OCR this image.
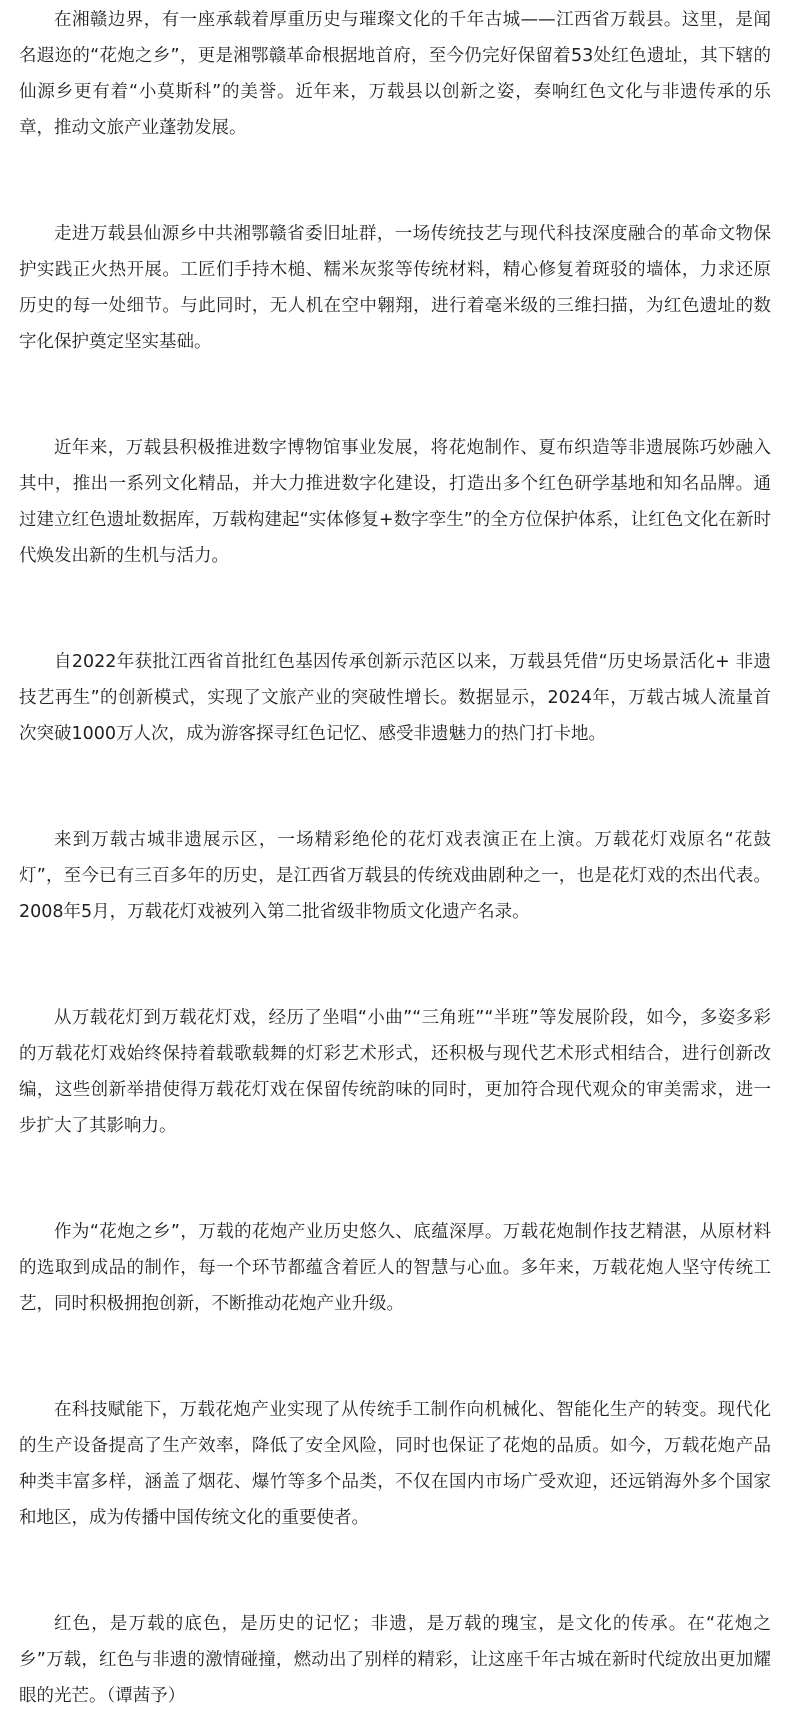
在湘赣边界，有一座承载着厚重历史与璀璨文化的千年古城——江西省万载县。这里，是闻名遐迩的“花炮之乡”，更是湘鄂赣革命根据地首府，至今仍完好保留着53处红色遗址，其下辖的仙源乡更有着“小莫斯科”的美誉。近年来，万载县以创新之姿，奏响红色文化与非遗传承的乐章，推动文旅产业蓬勃发展。

走进万载县仙源乡中共湘鄂赣省委旧址群，一场传统技艺与现代科技深度融合的革命文物保护实践正火热开展。工匠们手持木槌、糯米灰浆等传统材料，精心修复着斑驳的墙体，力求还原历史的每一处细节。与此同时，无人机在空中翱翔，进行着毫米级的三维扫描，为红色遗址的数字化保护奠定坚实基础。

近年来，万载县积极推进数字博物馆事业发展，将花炮制作、夏布织造等非遗展陈巧妙融入其中，推出一系列文化精品，并大力推进数字化建设，打造出多个红色研学基地和知名品牌。通过建立红色遗址数据库，万载构建起“实体修复+数字孪生”的全方位保护体系，让红色文化在新时代焕发出新的生机与活力。

自2022年获批江西省首批红色基因传承创新示范区以来，万载县凭借“历史场景活化+ 非遗技艺再生”的创新模式，实现了文旅产业的突破性增长。数据显示，2024年，万载古城人流量首次突破1000万人次，成为游客探寻红色记忆、感受非遗魅力的热门打卡地。

来到万载古城非遗展示区，一场精彩绝伦的花灯戏表演正在上演。万载花灯戏原名“花鼓灯”，至今已有三百多年的历史，是江西省万载县的传统戏曲剧种之一，也是花灯戏的杰出代表。2008年5月，万载花灯戏被列入第二批省级非物质文化遗产名录。

从万载花灯到万载花灯戏，经历了坐唱“小曲”“三角班”“半班”等发展阶段，如今，多姿多彩的万载花灯戏始终保持着载歌载舞的灯彩艺术形式，还积极与现代艺术形式相结合，进行创新改编，这些创新举措使得万载花灯戏在保留传统韵味的同时，更加符合现代观众的审美需求，进一步扩大了其影响力。

作为“花炮之乡”，万载的花炮产业历史悠久、底蕴深厚。万载花炮制作技艺精湛，从原材料的选取到成品的制作，每一个环节都蕴含着匠人的智慧与心血。多年来，万载花炮人坚守传统工艺，同时积极拥抱创新，不断推动花炮产业升级。

在科技赋能下，万载花炮产业实现了从传统手工制作向机械化、智能化生产的转变。现代化的生产设备提高了生产效率，降低了安全风险，同时也保证了花炮的品质。如今，万载花炮产品种类丰富多样，涵盖了烟花、爆竹等多个品类，不仅在国内市场广受欢迎，还远销海外多个国家和地区，成为传播中国传统文化的重要使者。

红色，是万载的底色，是历史的记忆；非遗，是万载的瑰宝，是文化的传承。在“花炮之乡”万载，红色与非遗的激情碰撞，燃动出了别样的精彩，让这座千年古城在新时代绽放出更加耀眼的光芒。（谭茜予）
